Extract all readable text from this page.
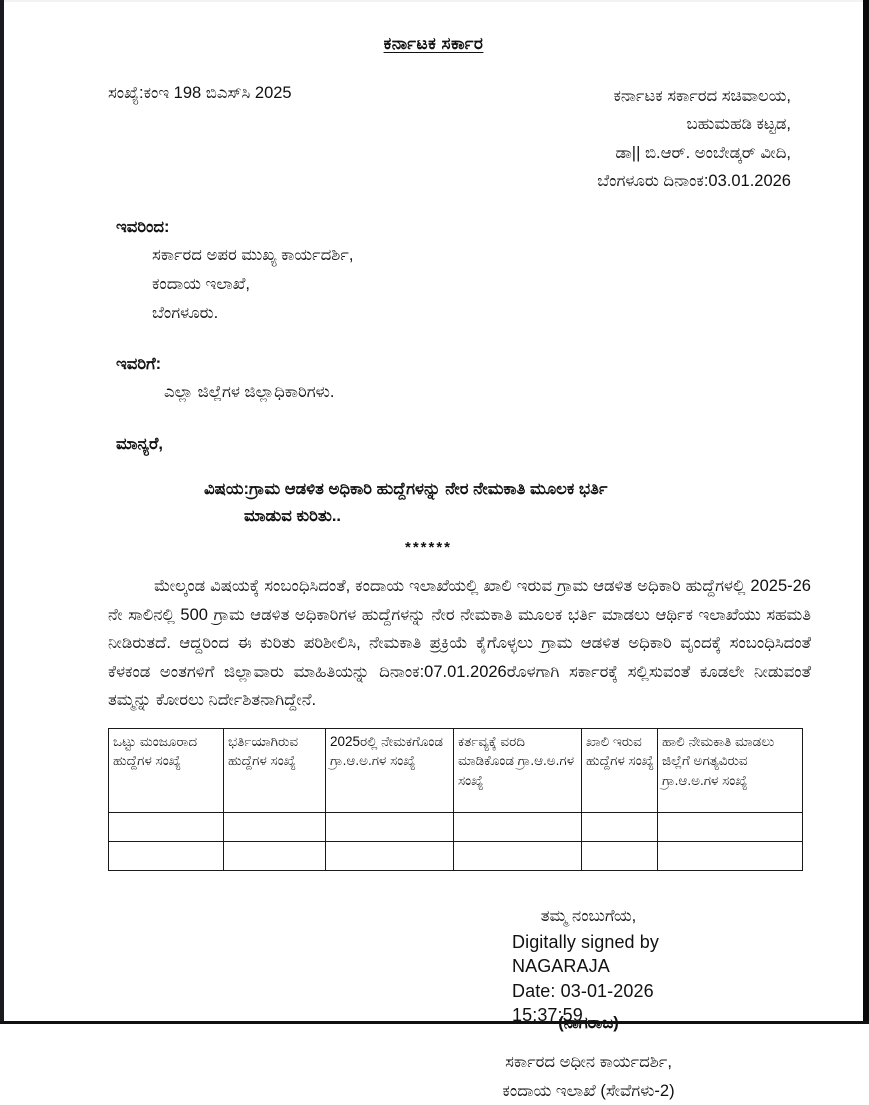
ಕರ್ನಾಟಕ ಸರ್ಕಾರ
ಸಂಖ್ಯೆ:ಕಂಇ 198 ಬಿಎಸ್‌ಸಿ 2025	ಕರ್ನಾಟಕ ಸರ್ಕಾರದ ಸಚಿವಾಲಯ,
ಬಹುಮಹಡಿ ಕಟ್ಟಡ,
ಡಾ|| ಬಿ.ಆರ್. ಅಂಬೇಡ್ಕರ್ ವೀದಿ,
ಬೆಂಗಳೂರು ದಿನಾಂಕ:03.01.2026
ಇವರಿಂದ:
ಸರ್ಕಾರದ ಅಪರ ಮುಖ್ಯ ಕಾರ್ಯದರ್ಶಿ,
ಕಂದಾಯ ಇಲಾಖೆ,
ಬೆಂಗಳೂರು.
ಇವರಿಗೆ:
ಎಲ್ಲಾ ಜಿಲ್ಲೆಗಳ ಜಿಲ್ಲಾಧಿಕಾರಿಗಳು.
ಮಾನ್ಯರೆ,
ವಿಷಯ:ಗ್ರಾಮ ಆಡಳಿತ ಅಧಿಕಾರಿ ಹುದ್ದೆಗಳನ್ನು ನೇರ ನೇಮಕಾತಿ ಮೂಲಕ ಭರ್ತಿ
ಮಾಡುವ ಕುರಿತು..
******
ಮೇಲ್ಕಂಡ ವಿಷಯಕ್ಕೆ ಸಂಬಂಧಿಸಿದಂತೆ, ಕಂದಾಯ ಇಲಾಖೆಯಲ್ಲಿ ಖಾಲಿ ಇರುವ ಗ್ರಾಮ ಆಡಳಿತ ಅಧಿಕಾರಿ ಹುದ್ದೆಗಳಲ್ಲಿ 2025-26 ನೇ ಸಾಲಿನಲ್ಲಿ 500 ಗ್ರಾಮ ಆಡಳಿತ ಅಧಿಕಾರಿಗಳ ಹುದ್ದೆಗಳನ್ನು ನೇರ ನೇಮಕಾತಿ ಮೂಲಕ ಭರ್ತಿ ಮಾಡಲು ಆರ್ಥಿಕ ಇಲಾಖೆಯು ಸಹಮತಿ ನೀಡಿರುತದೆ. ಆದ್ದರಿಂದ ಈ ಕುರಿತು ಪರಿಶೀಲಿಸಿ, ನೇಮಕಾತಿ ಪ್ರಕ್ರಿಯೆ ಕೈಗೊಳ್ಳಲು ಗ್ರಾಮ ಆಡಳಿತ ಅಧಿಕಾರಿ ವೃಂದಕ್ಕೆ ಸಂಬಂಧಿಸಿದಂತೆ ಕೆಳಕಂಡ ಅಂತಗಳಿಗೆ ಜಿಲ್ಲಾವಾರು ಮಾಹಿತಿಯನ್ನು ದಿನಾಂಕ:07.01.2026ರೊಳಗಾಗಿ ಸರ್ಕಾರಕ್ಕೆ ಸಲ್ಲಿಸುವಂತೆ ಕೂಡಲೇ ನೀಡುವಂತೆ ತಮ್ಮನ್ನು ಕೋರಲು ನಿರ್ದೇಶಿತನಾಗಿದ್ದೇನೆ.
ಒಟ್ಟು ಮಂಜೂರಾದ ಹುದ್ದೆಗಳ ಸಂಖ್ಯೆ	ಭರ್ತಿಯಾಗಿರುವ ಹುದ್ದೆಗಳ ಸಂಖ್ಯೆ	2025ರಲ್ಲಿ ನೇಮಕಗೊಂಡ ಗ್ರಾ.ಆ.ಅ.ಗಳ ಸಂಖ್ಯೆ	ಕರ್ತವ್ಯಕ್ಕೆ ವರದಿ ಮಾಡಿಕೊಂಡ ಗ್ರಾ.ಆ.ಅ.ಗಳ ಸಂಖ್ಯೆ	ಖಾಲಿ ಇರುವ ಹುದ್ದೆಗಳ ಸಂಖ್ಯೆ	ಹಾಲಿ ನೇಮಕಾತಿ ಮಾಡಲು ಜಿಲ್ಲೆಗೆ ಅಗತ್ಯವಿರುವ ಗ್ರಾ.ಆ.ಅ.ಗಳ ಸಂಖ್ಯೆ

ತಮ್ಮ ನಂಬುಗೆಯ,
Digitally signed by
NAGARAJA
Date: 03-01-2026
15:37:59
(ನಾಗರಾಜ)
ಸರ್ಕಾರದ ಅಧೀನ ಕಾರ್ಯದರ್ಶಿ,
ಕಂದಾಯ ಇಲಾಖೆ (ಸೇವೆಗಳು-2)
